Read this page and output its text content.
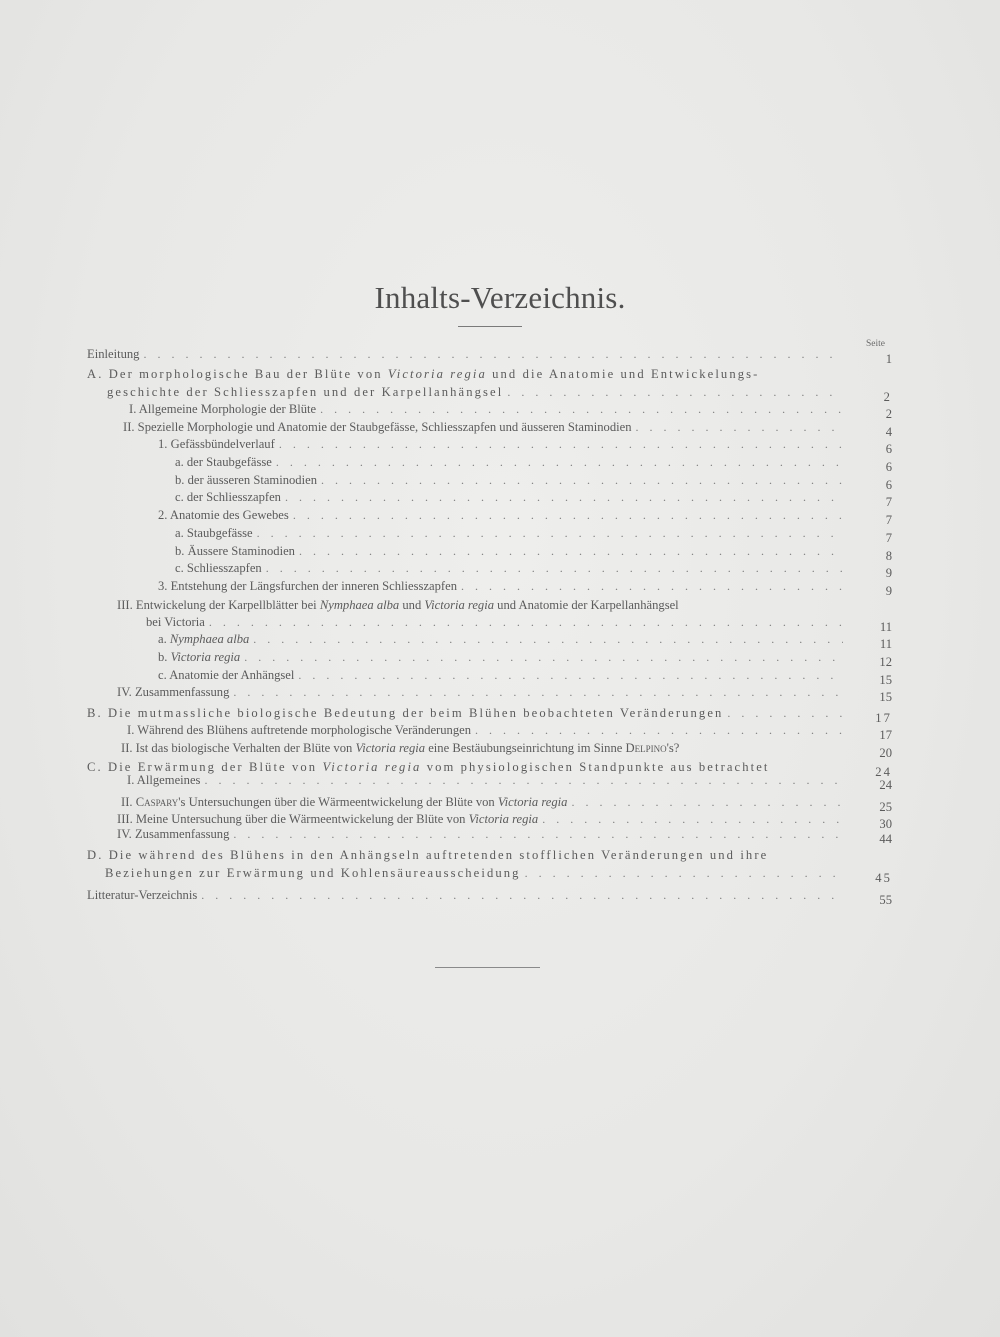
Inhalts-Verzeichnis.
Seite
Einleitung . . .	1
A. Der morphologische Bau der Blüte von Victoria regia und die Anatomie und Entwickelungs-
geschichte der Schliesszapfen und der Karpellanhängsel . . .	2
I. Allgemeine Morphologie der Blüte . . .	2
II. Spezielle Morphologie und Anatomie der Staubgefässe, Schliesszapfen und äusseren Staminodien . . .	4
1. Gefässbündelverlauf . . .	6
a. der Staubgefässe . . .	6
b. der äusseren Staminodien . . .	6
c. der Schliesszapfen . . .	7
2. Anatomie des Gewebes . . .	7
a. Staubgefässe . . .	7
b. Äussere Staminodien . . .	8
c. Schliesszapfen . . .	9
3. Entstehung der Längsfurchen der inneren Schliesszapfen . . .	9
III. Entwickelung der Karpellblätter bei Nymphaea alba und Victoria regia und Anatomie der Karpellanhängsel
bei Victoria . . .	11
a. Nymphaea alba . . .	11
b. Victoria regia . . .	12
c. Anatomie der Anhängsel . . .	15
IV. Zusammenfassung . . .	15
B. Die mutmassliche biologische Bedeutung der beim Blühen beobachteten Veränderungen . . .	17
I. Während des Blühens auftretende morphologische Veränderungen . . .	17
II. Ist das biologische Verhalten der Blüte von Victoria regia eine Bestäubungseinrichtung im Sinne Delpino's?	20
C. Die Erwärmung der Blüte von Victoria regia vom physiologischen Standpunkte aus betrachtet	24
I. Allgemeines . . .	24
II. Caspary's Untersuchungen über die Wärmeentwickelung der Blüte von Victoria regia . . .	25
III. Meine Untersuchung über die Wärmeentwickelung der Blüte von Victoria regia . . .	30
IV. Zusammenfassung . . .	44
D. Die während des Blühens in den Anhängseln auftretenden stofflichen Veränderungen und ihre
Beziehungen zur Erwärmung und Kohlensäureausscheidung . . .	45
Litteratur-Verzeichnis . . .	55
